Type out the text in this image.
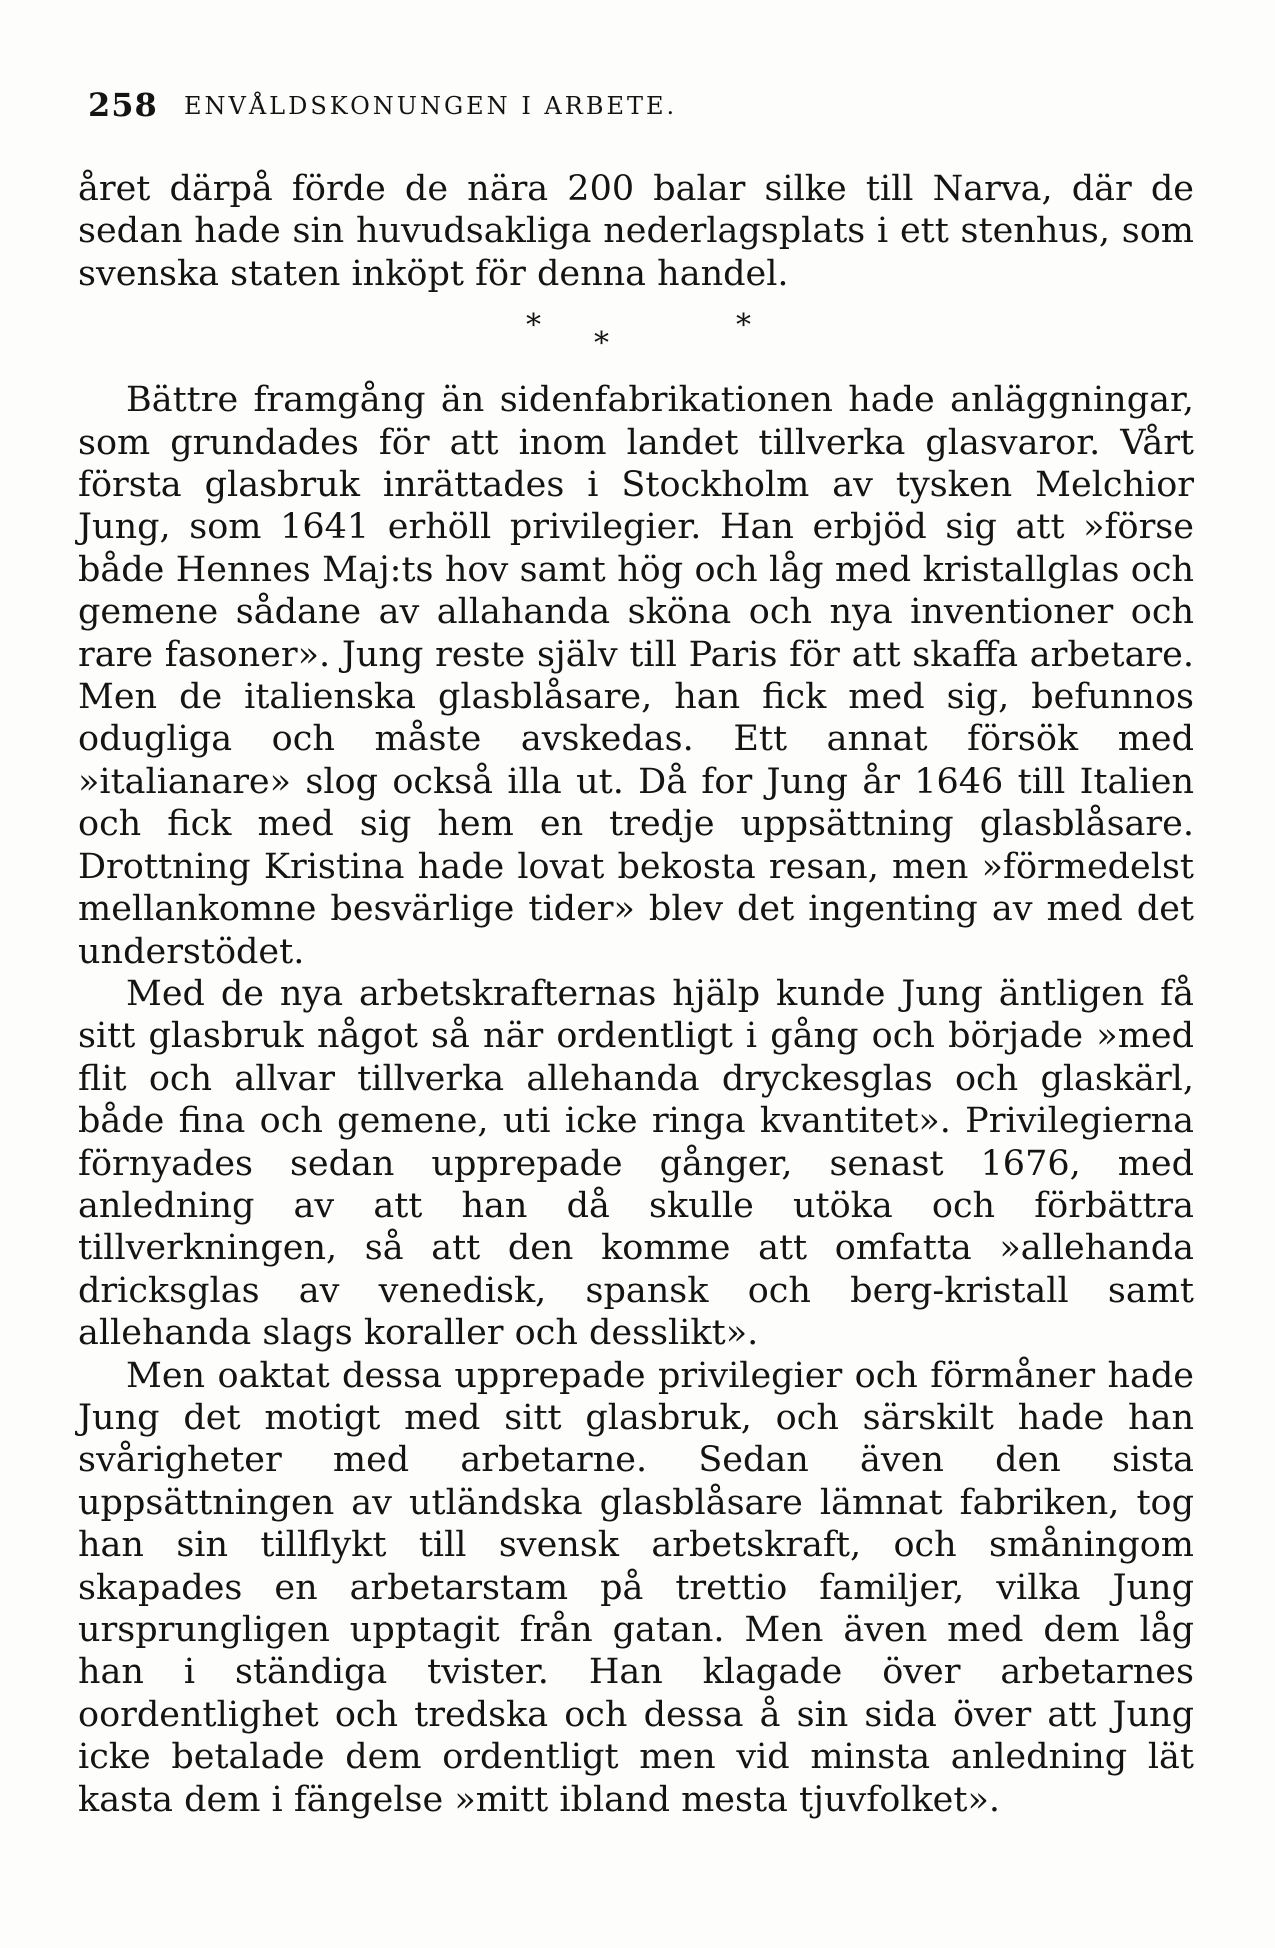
258 ENVÅLDSKONUNGEN I ARBETE.

året därpå förde de nära 200 balar silke till Narva, där de sedan hade sin huvudsakliga nederlagsplats i ett stenhus, som svenska staten inköpt för denna handel.

*
*
*

Bättre framgång än sidenfabrikationen hade anläggningar, som grundades för att inom landet tillverka glasvaror. Vårt första glasbruk inrättades i Stockholm av tysken Melchior Jung, som 1641 erhöll privilegier. Han erbjöd sig att »förse både Hennes Maj:ts hov samt hög och låg med kristallglas och gemene sådane av allahanda sköna och nya inventioner och rare fasoner». Jung reste själv till Paris för att skaffa arbetare. Men de italienska glasblåsare, han fick med sig, befunnos odugliga och måste avskedas. Ett annat försök med »italianare» slog också illa ut. Då for Jung år 1646 till Italien och fick med sig hem en tredje uppsättning glasblåsare. Drottning Kristina hade lovat bekosta resan, men »förmedelst mellankomne besvärlige tider» blev det ingenting av med det understödet.

Med de nya arbetskrafternas hjälp kunde Jung äntligen få sitt glasbruk något så när ordentligt i gång och började »med flit och allvar tillverka allehanda dryckesglas och glaskärl, både fina och gemene, uti icke ringa kvantitet». Privilegierna förnyades sedan upprepade gånger, senast 1676, med anledning av att han då skulle utöka och förbättra tillverkningen, så att den komme att omfatta »allehanda dricksglas av venedisk, spansk och berg-kristall samt allehanda slags koraller och desslikt».

Men oaktat dessa upprepade privilegier och förmåner hade Jung det motigt med sitt glasbruk, och särskilt hade han svårigheter med arbetarne. Sedan även den sista uppsättningen av utländska glasblåsare lämnat fabriken, tog han sin tillflykt till svensk arbetskraft, och småningom skapades en arbetarstam på trettio familjer, vilka Jung ursprungligen upptagit från gatan. Men även med dem låg han i ständiga tvister. Han klagade över arbetarnes oordentlighet och tredska och dessa å sin sida över att Jung icke betalade dem ordentligt men vid minsta anledning lät kasta dem i fängelse »mitt ibland mesta tjuvfolket».
